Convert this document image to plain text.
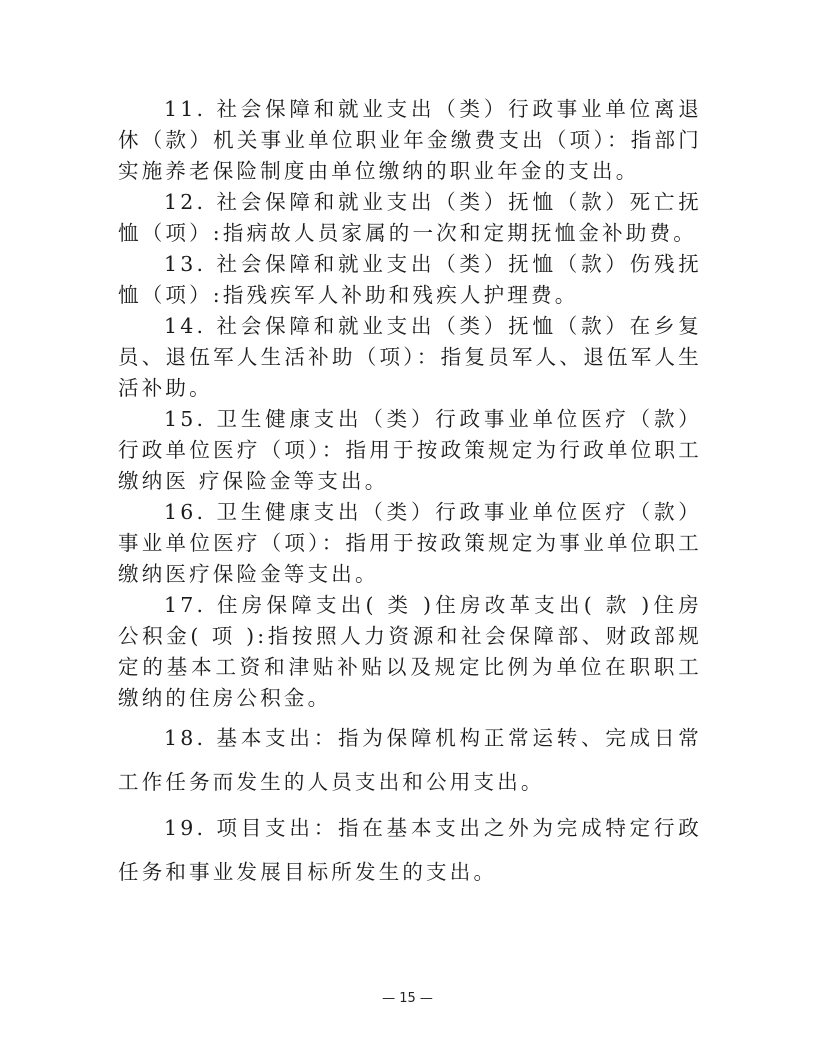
11. 社会保障和就业支出（类）行政事业单位离退休（款）机关事业单位职业年金缴费支出（项）：指部门实施养老保险制度由单位缴纳的职业年金的支出。

12. 社会保障和就业支出（类）抚恤（款）死亡抚恤（项）:指病故人员家属的一次和定期抚恤金补助费。

13. 社会保障和就业支出（类）抚恤（款）伤残抚恤（项）:指残疾军人补助和残疾人护理费。

14. 社会保障和就业支出（类）抚恤（款）在乡复员、退伍军人生活补助（项）：指复员军人、退伍军人生活补助。

15. 卫生健康支出（类）行政事业单位医疗（款） 行政单位医疗（项）：指用于按政策规定为行政单位职工缴纳医 疗保险金等支出。

16. 卫生健康支出（类）行政事业单位医疗（款） 事业单位医疗（项）：指用于按政策规定为事业单位职工缴纳医疗保险金等支出。

17. 住房保障支出( 类 )住房改革支出( 款 )住房公积金( 项 ):指按照人力资源和社会保障部、财政部规定的基本工资和津贴补贴以及规定比例为单位在职职工缴纳的住房公积金。

18. 基本支出：指为保障机构正常运转、完成日常工作任务而发生的人员支出和公用支出。

19. 项目支出：指在基本支出之外为完成特定行政任务和事业发展目标所发生的支出。

— 15 —
